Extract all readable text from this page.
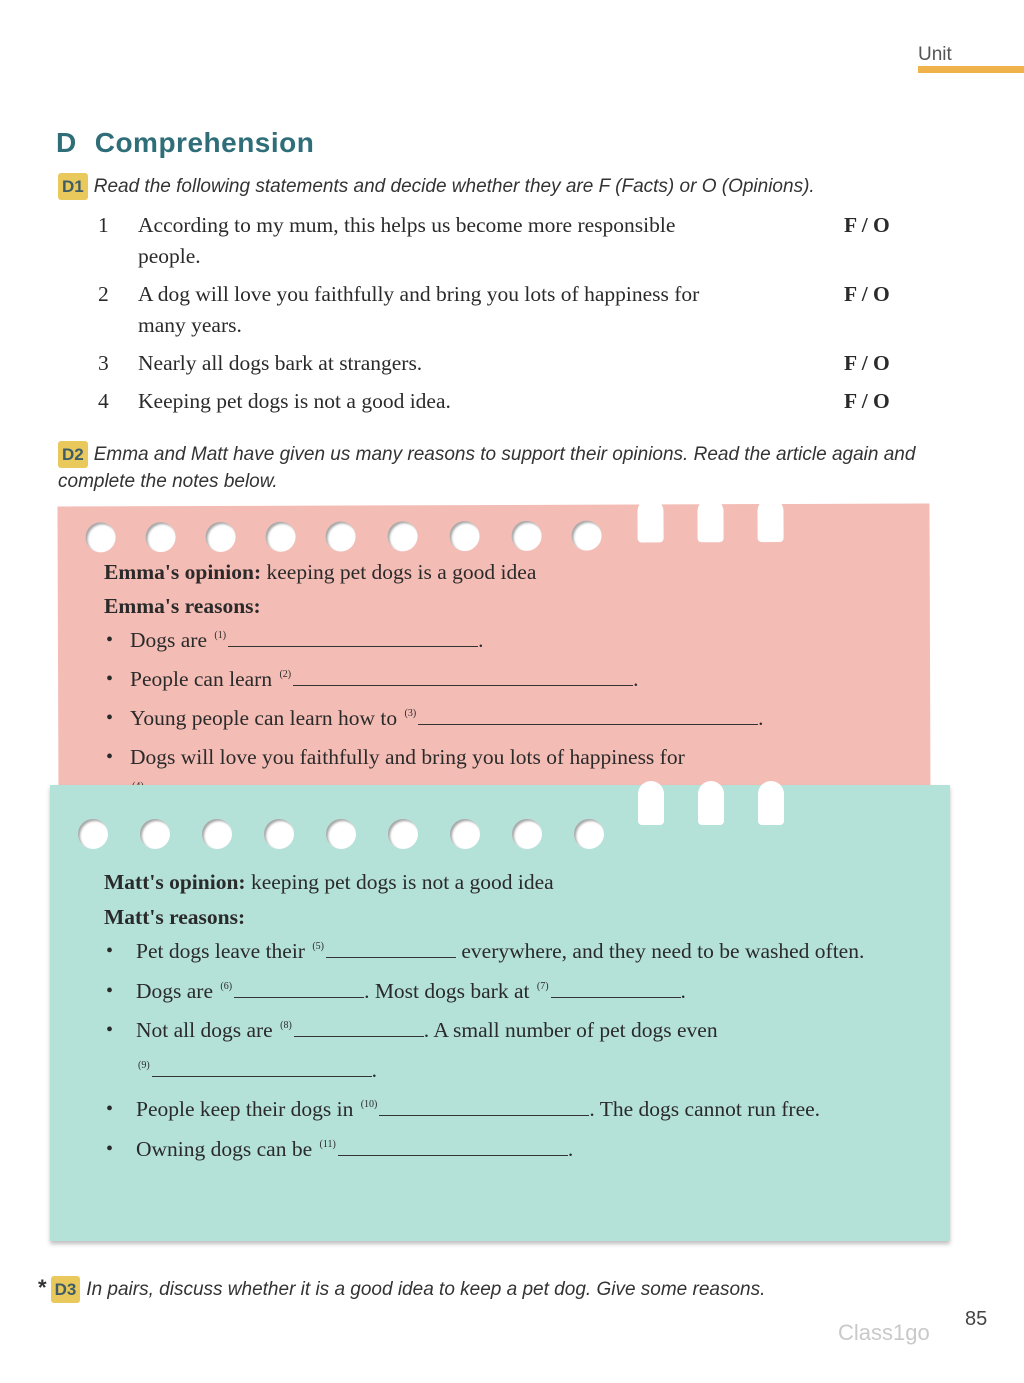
Unit
D Comprehension
D1 Read the following statements and decide whether they are F (Facts) or O (Opinions).
1	According to my mum, this helps us become more responsible people.
F / O
2	A dog will love you faithfully and bring you lots of happiness for many years.
F / O
3	Nearly all dogs bark at strangers.	F / O
4	Keeping pet dogs is not a good idea.	F / O
D2 Emma and Matt have given us many reasons to support their opinions. Read the article again and complete the notes below.
Emma's opinion: keeping pet dogs is a good idea
Emma's reasons:
• Dogs are $^{(1)}$	.
• People can learn $^{(2)}$	.
• Young people can learn how to $^{(3)}$	.
• Dogs will love you faithfully and bring you lots of happiness for

Matt's opinion: keeping pet dogs is not a good idea
Matt's reasons:
• Pet dogs leave their $^{(5)}$	everywhere, and they need to be washed often.
• Dogs are $^{(6)}$	. Most dogs bark at $^{(7)}$	.
• Not all dogs are $^{(8)}$	. A small number of pet dogs even
$^{(9)}$	.
• People keep their dogs in $^{(10)}$	. The dogs cannot run free.
• Owning dogs can be $^{(11)}$	.
* D3 In pairs, discuss whether it is a good idea to keep a pet dog. Give some reasons.
85
Class1go
